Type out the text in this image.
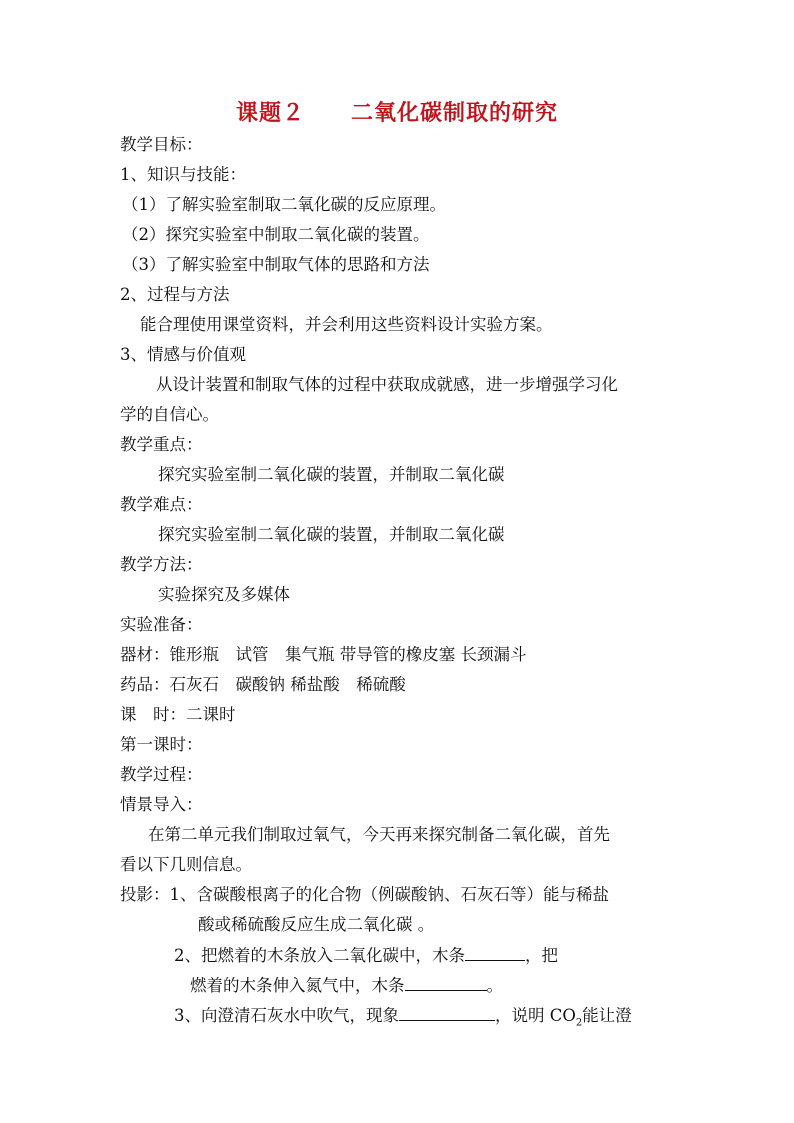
课题２　　二氧化碳制取的研究
教学目标：
1、知识与技能：
（1）了解实验室制取二氧化碳的反应原理。
（2）探究实验室中制取二氧化碳的装置。
（3）了解实验室中制取气体的思路和方法
2、过程与方法
能合理使用课堂资料，并会利用这些资料设计实验方案。
3、情感与价值观
从设计装置和制取气体的过程中获取成就感，进一步增强学习化
学的自信心。
教学重点：
探究实验室制二氧化碳的装置，并制取二氧化碳
教学难点：
探究实验室制二氧化碳的装置，并制取二氧化碳
教学方法：
实验探究及多媒体
实验准备：
器材：锥形瓶　试管　集气瓶 带导管的橡皮塞 长颈漏斗
药品：石灰石　碳酸钠 稀盐酸　稀硫酸
课　时：二课时
第一课时：
教学过程：
情景导入：
在第二单元我们制取过氧气，今天再来探究制备二氧化碳，首先
看以下几则信息。
投影：1、含碳酸根离子的化合物（例碳酸钠、石灰石等）能与稀盐
酸或稀硫酸反应生成二氧化碳 。
2、把燃着的木条放入二氧化碳中，木条	，把
燃着的木条伸入氮气中，木条	。
3、向澄清石灰水中吹气，现象	，说明 $CO_2$能让澄
